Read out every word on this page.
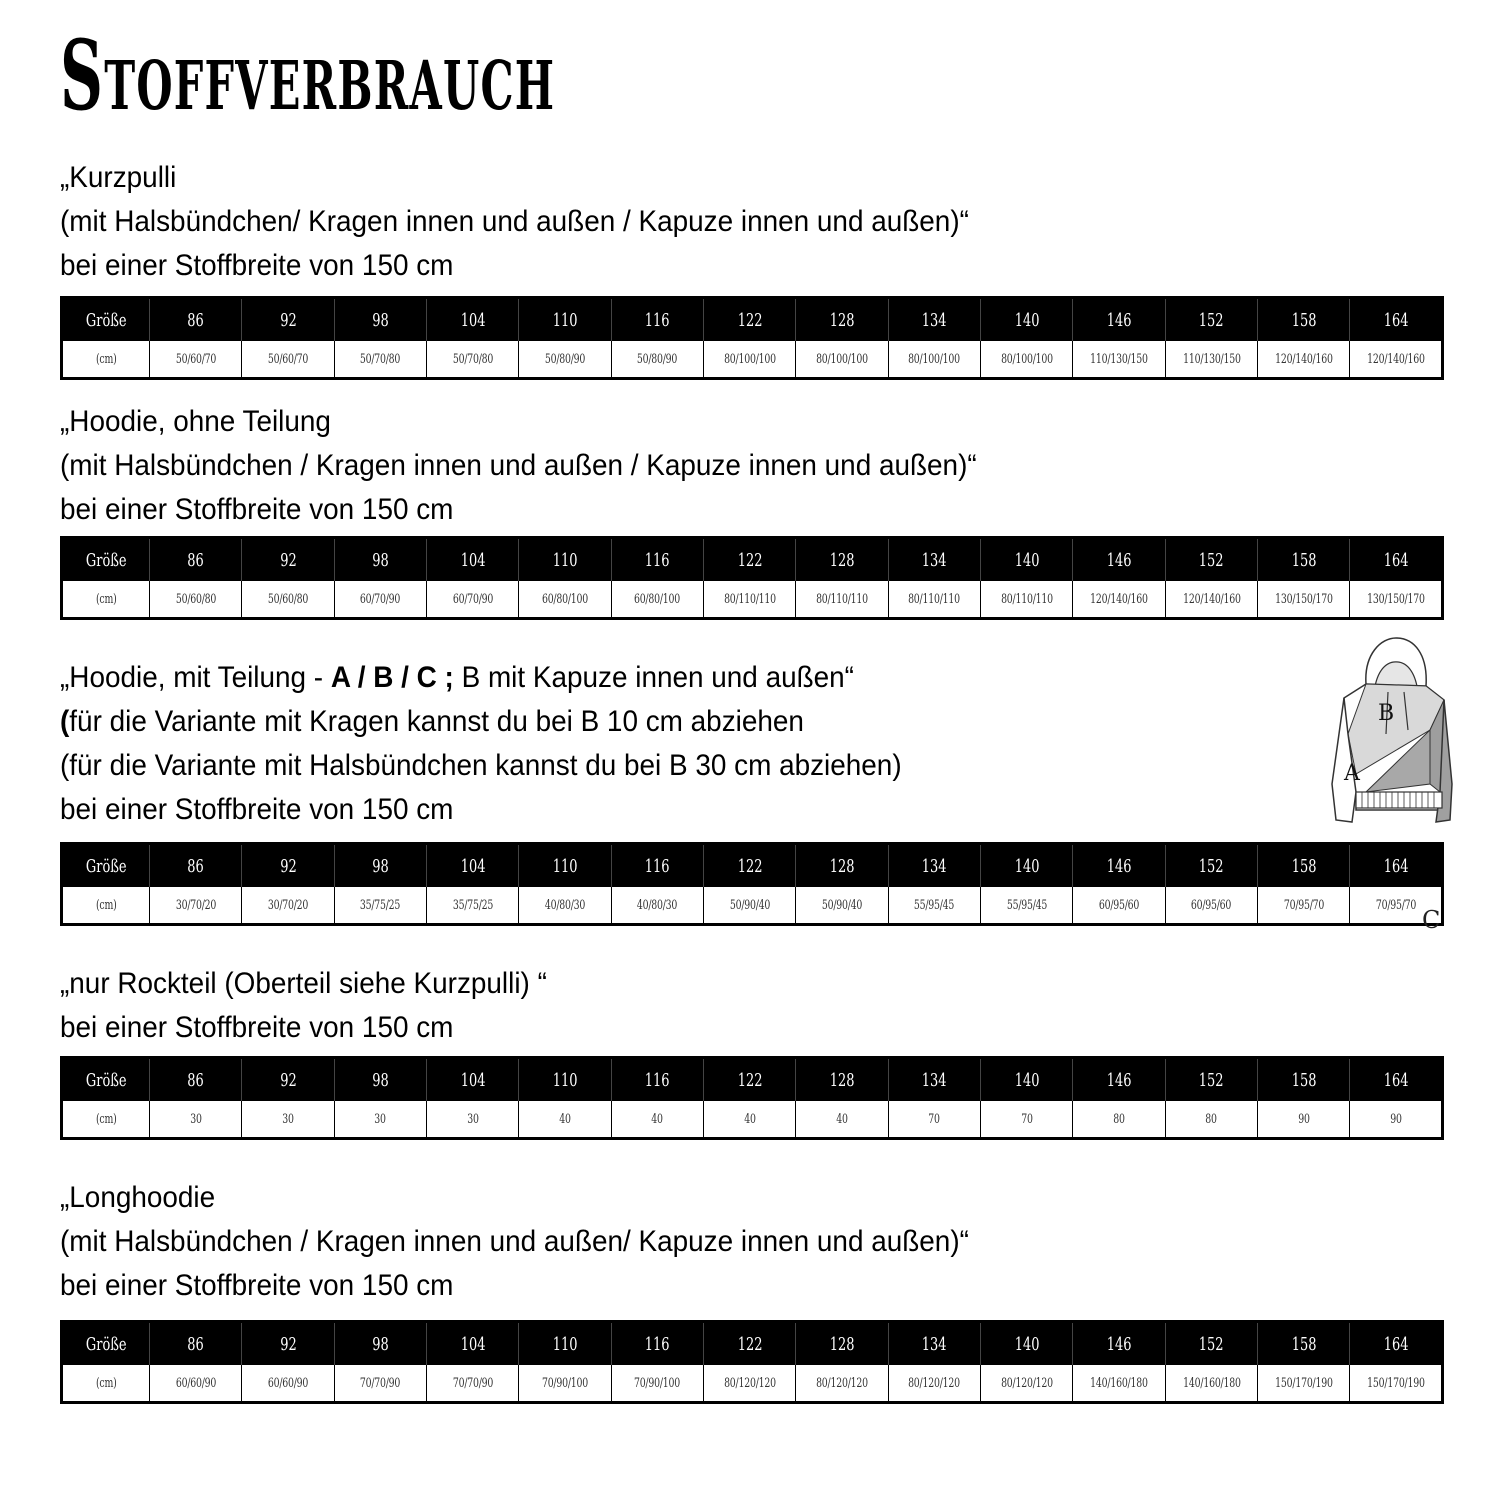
Stoffverbrauch

„Kurzpulli

(mit Halsbündchen/ Kragen innen und außen / Kapuze innen und außen)“

bei einer Stoffbreite von 150 cm

Größe	86	92	98	104	110	116	122	128	134	140	146	152	158	164
(cm)	50/60/70	50/60/70	50/70/80	50/70/80	50/80/90	50/80/90	80/100/100	80/100/100	80/100/100	80/100/100	110/130/150	110/130/150	120/140/160	120/140/160

„Hoodie, ohne Teilung

(mit Halsbündchen / Kragen innen und außen / Kapuze innen und außen)“

bei einer Stoffbreite von 150 cm

Größe	86	92	98	104	110	116	122	128	134	140	146	152	158	164
(cm)	50/60/80	50/60/80	60/70/90	60/70/90	60/80/100	60/80/100	80/110/110	80/110/110	80/110/110	80/110/110	120/140/160	120/140/160	130/150/170	130/150/170

„Hoodie, mit Teilung - A / B / C ; B mit Kapuze innen und außen“

(für die Variante mit Kragen kannst du bei B 10 cm abziehen

(für die Variante mit Halsbündchen kannst du bei B 30 cm abziehen)

bei einer Stoffbreite von 150 cm

Größe	86	92	98	104	110	116	122	128	134	140	146	152	158	164
(cm)	30/70/20	30/70/20	35/75/25	35/75/25	40/80/30	40/80/30	50/90/40	50/90/40	55/95/45	55/95/45	60/95/60	60/95/60	70/95/70	70/95/70
B
A
C

„nur Rockteil (Oberteil siehe Kurzpulli) “

bei einer Stoffbreite von 150 cm

Größe	86	92	98	104	110	116	122	128	134	140	146	152	158	164
(cm)	30	30	30	30	40	40	40	40	70	70	80	80	90	90

„Longhoodie

(mit Halsbündchen / Kragen innen und außen/ Kapuze innen und außen)“

bei einer Stoffbreite von 150 cm

Größe	86	92	98	104	110	116	122	128	134	140	146	152	158	164
(cm)	60/60/90	60/60/90	70/70/90	70/70/90	70/90/100	70/90/100	80/120/120	80/120/120	80/120/120	80/120/120	140/160/180	140/160/180	150/170/190	150/170/190
